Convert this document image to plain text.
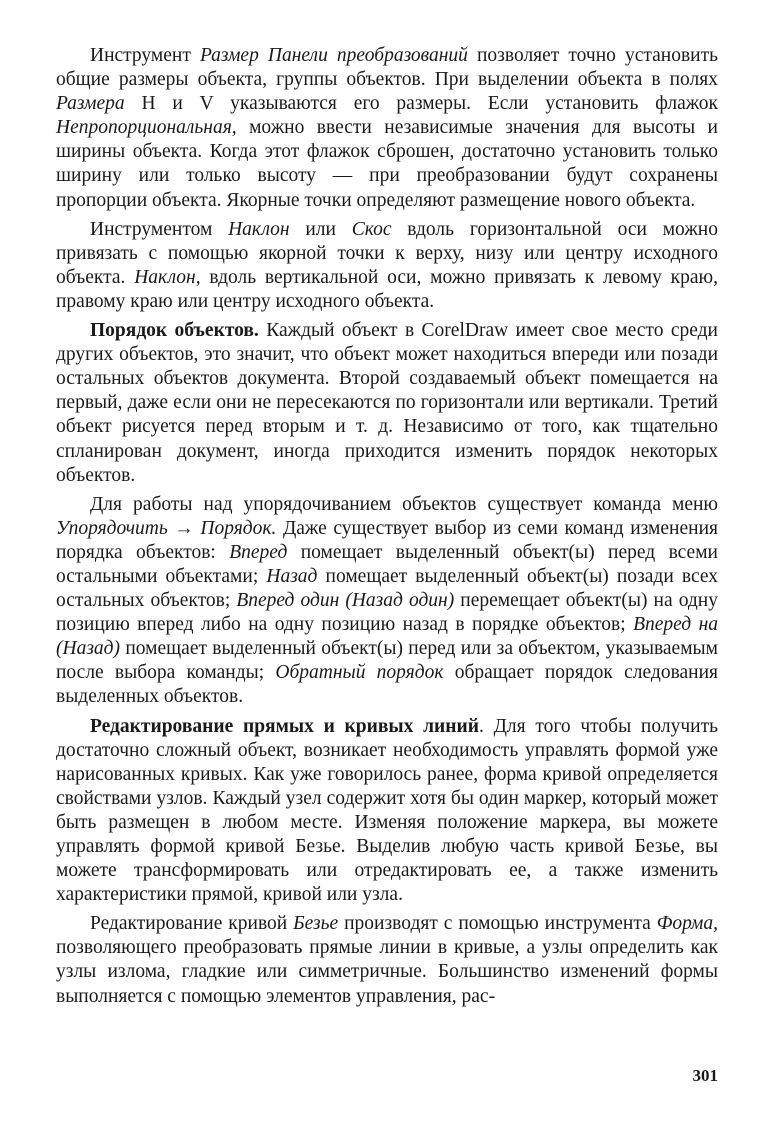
Инструмент Размер Панели преобразований позволяет точно установить общие размеры объекта, группы объектов. При выделении объекта в полях Размера H и V указываются его размеры. Если установить флажок Непропорциональная, можно ввести независимые значения для высоты и ширины объекта. Когда этот флажок сброшен, достаточно установить только ширину или только высоту — при преобразовании будут сохранены пропорции объекта. Якорные точки определяют размещение нового объекта.

Инструментом Наклон или Скос вдоль горизонтальной оси можно привязать с помощью якорной точки к верху, низу или центру исходного объекта. Наклон, вдоль вертикальной оси, можно привязать к левому краю, правому краю или центру исходного объекта.

Порядок объектов. Каждый объект в CorelDraw имеет свое место среди других объектов, это значит, что объект может находиться впереди или позади остальных объектов документа. Второй создаваемый объект помещается на первый, даже если они не пересекаются по горизонтали или вертикали. Третий объект рисуется перед вторым и т. д. Независимо от того, как тщательно спланирован документ, иногда приходится изменить порядок некоторых объектов.

Для работы над упорядочиванием объектов существует команда меню Упорядочить → Порядок. Даже существует выбор из семи команд изменения порядка объектов: Вперед помещает выделенный объект(ы) перед всеми остальными объектами; Назад помещает выделенный объект(ы) позади всех остальных объектов; Вперед один (Назад один) перемещает объект(ы) на одну позицию вперед либо на одну позицию назад в порядке объектов; Вперед на (Назад) помещает выделенный объект(ы) перед или за объектом, указываемым после выбора команды; Обратный порядок обращает порядок следования выделенных объектов.

Редактирование прямых и кривых линий. Для того чтобы получить достаточно сложный объект, возникает необходимость управлять формой уже нарисованных кривых. Как уже говорилось ранее, форма кривой определяется свойствами узлов. Каждый узел содержит хотя бы один маркер, который может быть размещен в любом месте. Изменяя положение маркера, вы можете управлять формой кривой Безье. Выделив любую часть кривой Безье, вы можете трансформировать или отредактировать ее, а также изменить характеристики прямой, кривой или узла.

Редактирование кривой Безье производят с помощью инструмента Форма, позволяющего преобразовать прямые линии в кривые, а узлы определить как узлы излома, гладкие или симметричные. Большинство изменений формы выполняется с помощью элементов управления, рас-

301
